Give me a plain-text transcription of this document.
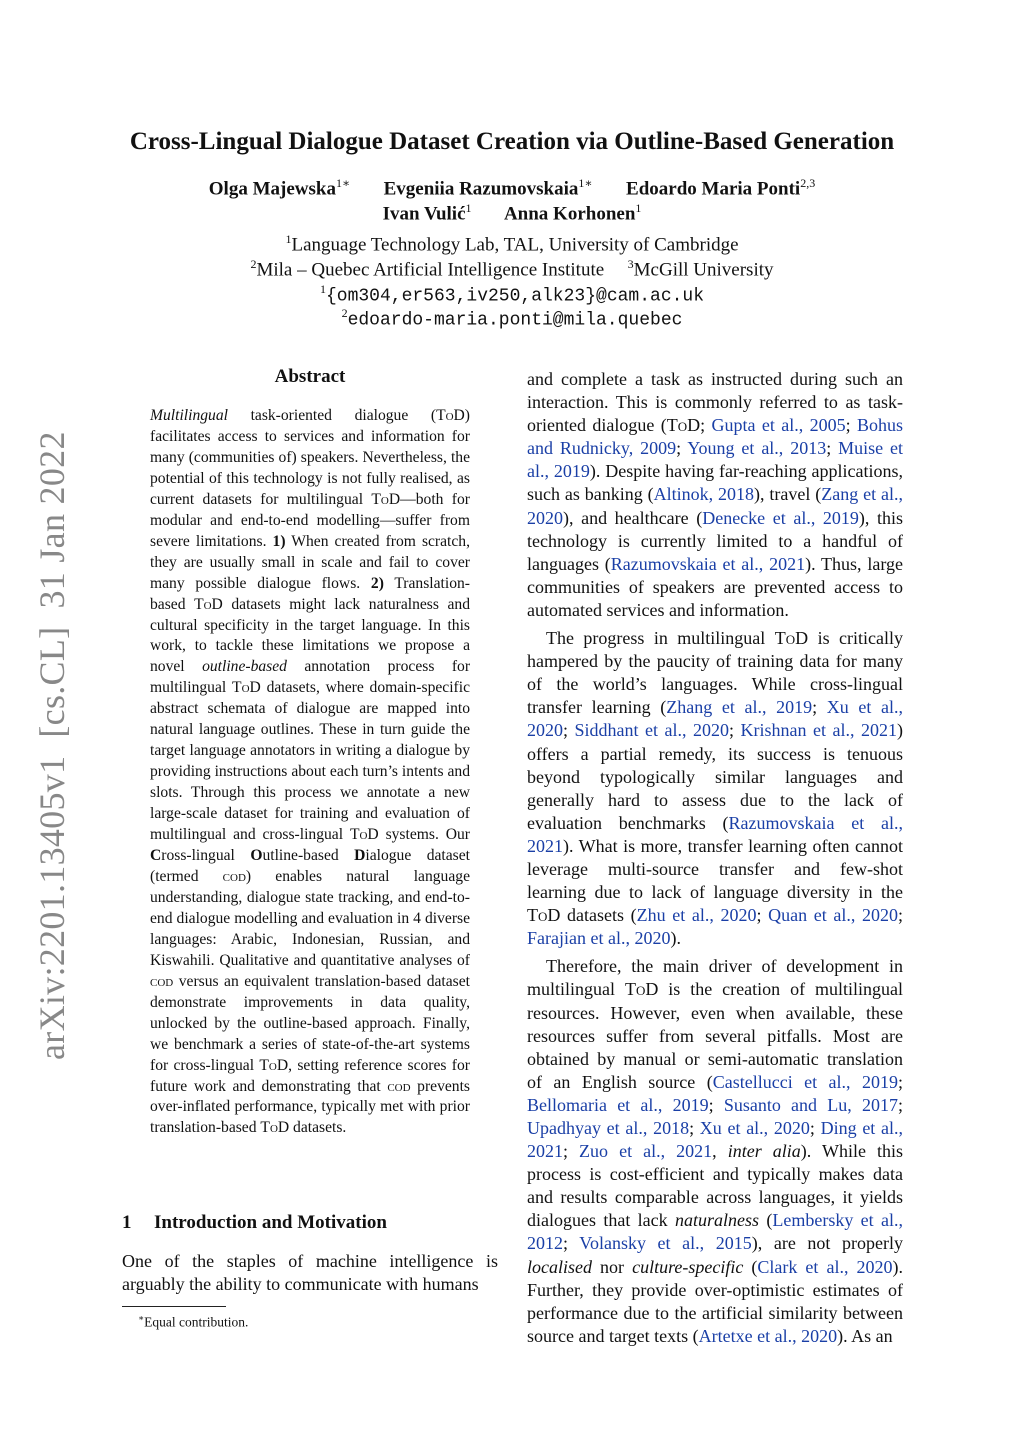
Cross-Lingual Dialogue Dataset Creation via Outline-Based Generation
Olga Majewska$^{1∗}$ Evgeniia Razumovskaia$^{1∗}$ Edoardo Maria Ponti$^{2,3}$
Ivan Vulić$^1$ Anna Korhonen$^1$
$^1$Language Technology Lab, TAL, University of Cambridge
$^2$Mila – Quebec Artificial Intelligence Institute $^3$McGill University
$^1${om304,er563,iv250,alk23}@cam.ac.uk
$^2$edoardo-maria.ponti@mila.quebec
arXiv:2201.13405v1[cs.CL]31 Jan 2022
Abstract

Multilingual task-oriented dialogue (ToD) facilitates access to services and information for many (communities of) speakers. Nevertheless, the potential of this technology is not fully realised, as current datasets for multilingual ToD—both for modular and end-to-end modelling—suffer from severe limitations. 1) When created from scratch, they are usually small in scale and fail to cover many possible dialogue flows. 2) Translation-based ToD datasets might lack naturalness and cultural specificity in the target language. In this work, to tackle these limitations we propose a novel outline-based annotation process for multilingual ToD datasets, where domain-specific abstract schemata of dialogue are mapped into natural language outlines. These in turn guide the target language annotators in writing a dialogue by providing instructions about each turn’s intents and slots. Through this process we annotate a new large-scale dataset for training and evaluation of multilingual and cross-lingual ToD systems. Our Cross-lingual Outline-based Dialogue dataset (termed cod) enables natural language understanding, dialogue state tracking, and end-to-end dialogue modelling and evaluation in 4 diverse languages: Arabic, Indonesian, Russian, and Kiswahili. Qualitative and quantitative analyses of cod versus an equivalent translation-based dataset demonstrate improvements in data quality, unlocked by the outline-based approach. Finally, we benchmark a series of state-of-the-art systems for cross-lingual ToD, setting reference scores for future work and demonstrating that cod prevents over-inflated performance, typically met with prior translation-based ToD datasets.

1 Introduction and Motivation

One of the staples of machine intelligence is arguably the ability to communicate with humans

∗Equal contribution.

and complete a task as instructed during such an interaction. This is commonly referred to as task-oriented dialogue (ToD; Gupta et al., 2005; Bohus and Rudnicky, 2009; Young et al., 2013; Muise et al., 2019). Despite having far-reaching applications, such as banking (Altinok, 2018), travel (Zang et al., 2020), and healthcare (Denecke et al., 2019), this technology is currently limited to a handful of languages (Razumovskaia et al., 2021). Thus, large communities of speakers are prevented access to automated services and information.

The progress in multilingual ToD is critically hampered by the paucity of training data for many of the world’s languages. While cross-lingual transfer learning (Zhang et al., 2019; Xu et al., 2020; Siddhant et al., 2020; Krishnan et al., 2021) offers a partial remedy, its success is tenuous beyond typologically similar languages and generally hard to assess due to the lack of evaluation benchmarks (Razumovskaia et al., 2021). What is more, transfer learning often cannot leverage multi-source transfer and few-shot learning due to lack of language diversity in the ToD datasets (Zhu et al., 2020; Quan et al., 2020; Farajian et al., 2020).

Therefore, the main driver of development in multilingual ToD is the creation of multilingual resources. However, even when available, these resources suffer from several pitfalls. Most are obtained by manual or semi-automatic translation of an English source (Castellucci et al., 2019; Bellomaria et al., 2019; Susanto and Lu, 2017; Upadhyay et al., 2018; Xu et al., 2020; Ding et al., 2021; Zuo et al., 2021, inter alia). While this process is cost-efficient and typically makes data and results comparable across languages, it yields dialogues that lack naturalness (Lembersky et al., 2012; Volansky et al., 2015), are not properly localised nor culture-specific (Clark et al., 2020). Further, they provide over-optimistic estimates of performance due to the artificial similarity between source and target texts (Artetxe et al., 2020). As an
